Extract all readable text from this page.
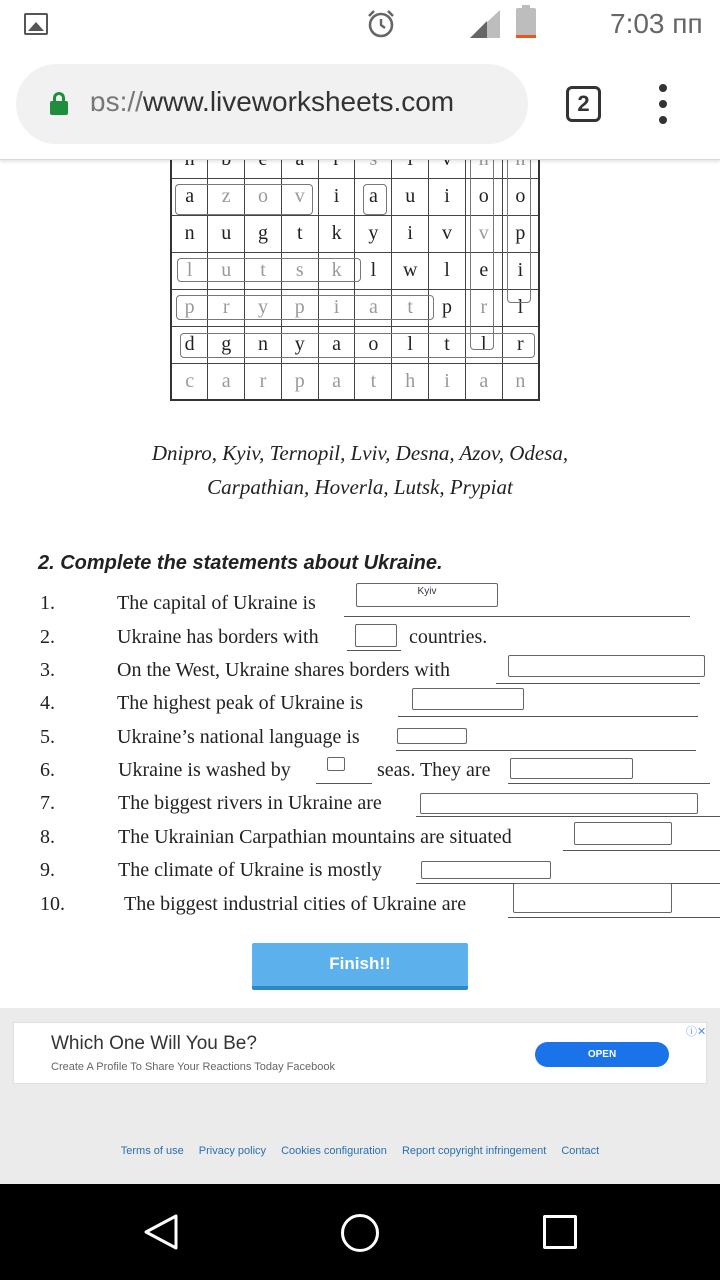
7:03 пп
ɒs://www.liveworksheets.com	2

a	z	o	v	i	a	u	i	o	o
n	u	g	t	k	y	i	v	v	p
l	u	t	s	k	l	w	l	e	i
p	r	y	p	i	a	t	p	r	l
d	g	n	y	a	o	l	t	l	r
c	a	r	p	a	t	h	i	a	n
Dnipro, Kyiv, Ternopil, Lviv, Desna, Azov, Odesa,
Carpathian, Hoverla, Lutsk, Prypiat
2. Complete the statements about Ukraine.
1.	The capital of Ukraine is
Kyiv
2.	Ukraine has borders with	countries.
3.	On the West, Ukraine shares borders with
4.	The highest peak of Ukraine is
5.	Ukraine’s national language is
6.	Ukraine is washed by	seas. They are
7.	The biggest rivers in Ukraine are
8.	The Ukrainian Carpathian mountains are situated
9.	The climate of Ukraine is mostly
10.	The biggest industrial cities of Ukraine are
Finish!!
Which One Will You Be?
Create A Profile To Share Your Reactions Today Facebook
OPEN
ⓘ✕
Terms of use Privacy policy Cookies configuration Report copyright infringement Contact
